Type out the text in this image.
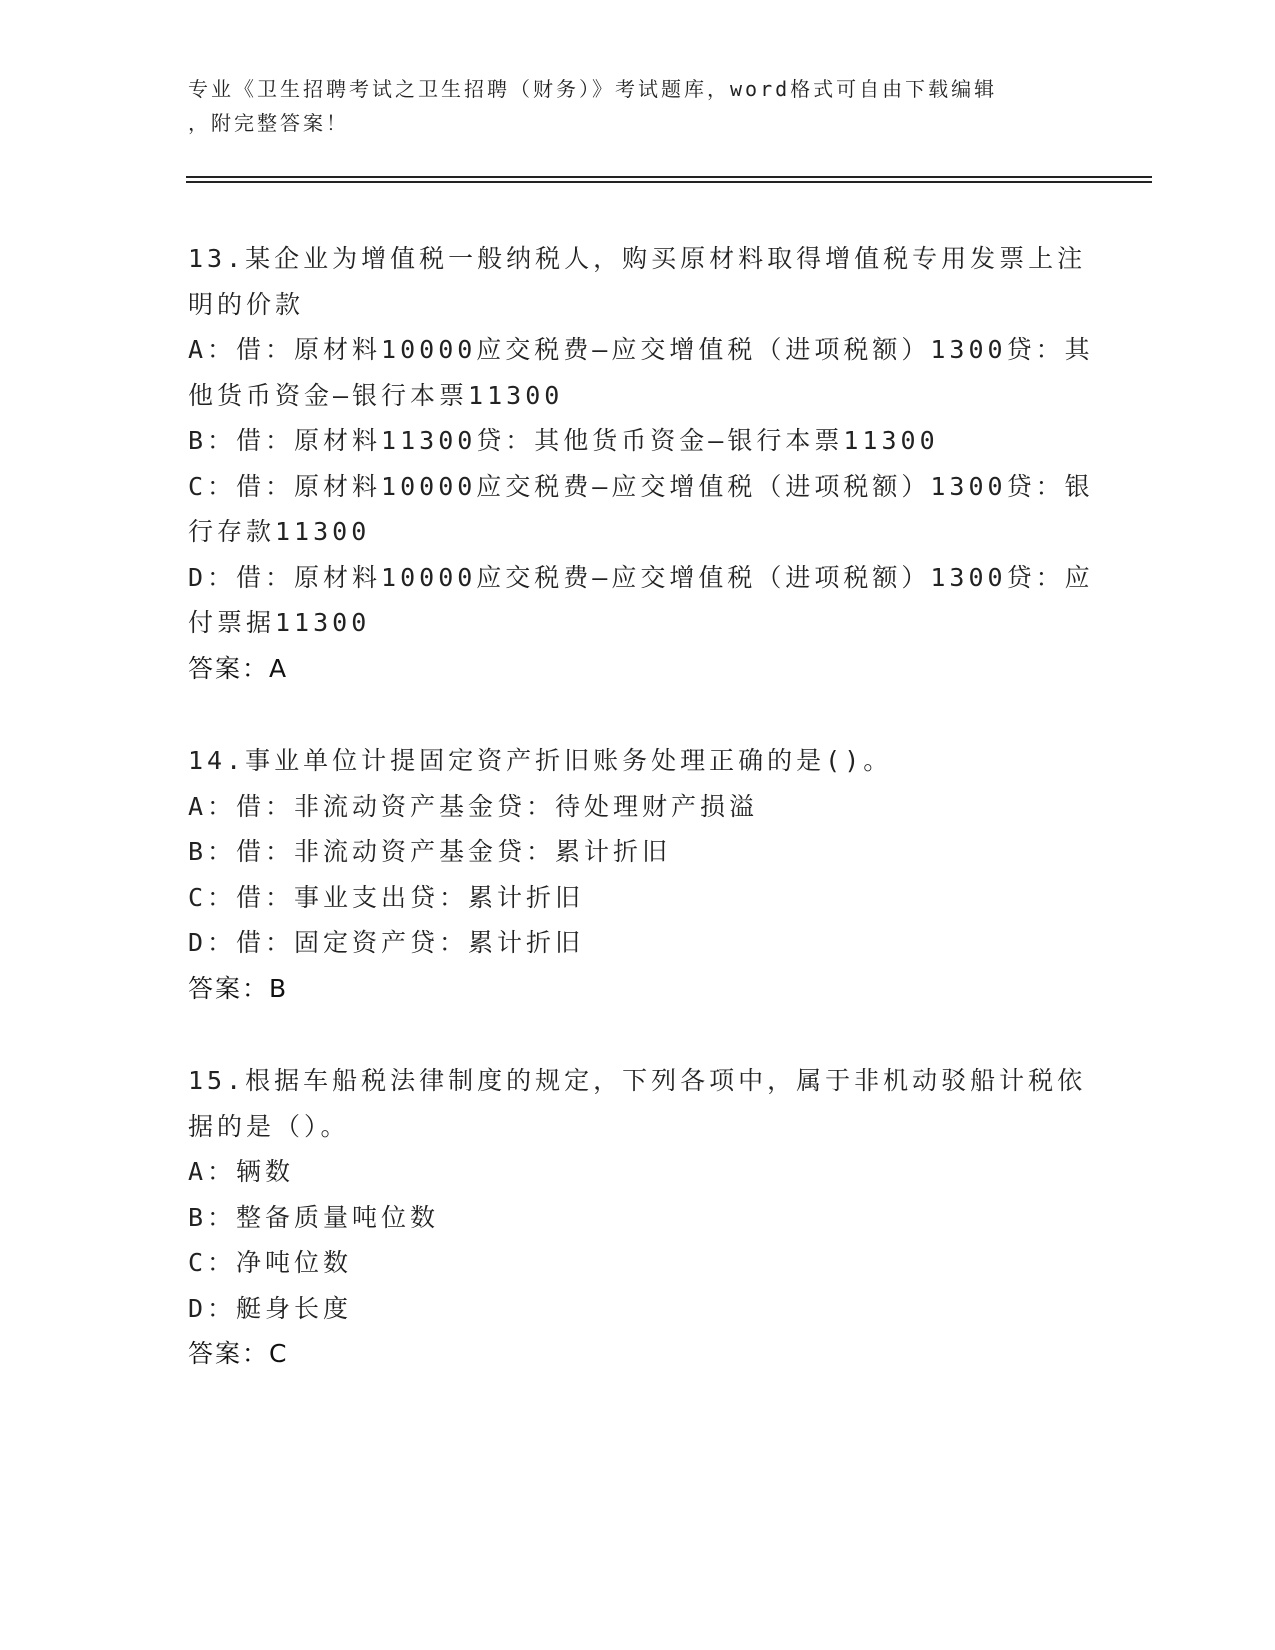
专业《卫生招聘考试之卫生招聘（财务）》考试题库，word格式可自由下载编辑

，附完整答案！

13.某企业为增值税一般纳税人，购买原材料取得增值税专用发票上注
明的价款
A：借：原材料10000应交税费—应交增值税（进项税额）1300贷：其
他货币资金—银行本票11300
B：借：原材料11300贷：其他货币资金—银行本票11300
C：借：原材料10000应交税费—应交增值税（进项税额）1300贷：银
行存款11300
D：借：原材料10000应交税费—应交增值税（进项税额）1300贷：应
付票据11300
答案：A
14.事业单位计提固定资产折旧账务处理正确的是()。
A：借：非流动资产基金贷：待处理财产损溢
B：借：非流动资产基金贷：累计折旧
C：借：事业支出贷：累计折旧
D：借：固定资产贷：累计折旧
答案：B
15.根据车船税法律制度的规定，下列各项中，属于非机动驳船计税依
据的是（）。
A：辆数
B：整备质量吨位数
C：净吨位数
D：艇身长度
答案：C
